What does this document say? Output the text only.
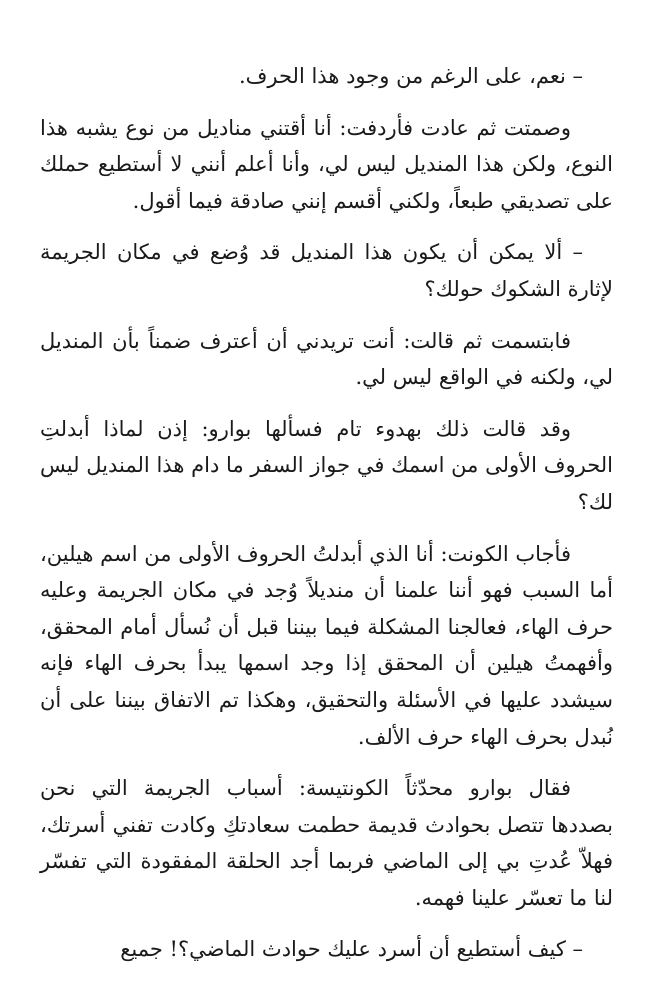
– نعم، على الرغم من وجود هذا الحرف.

وصمتت ثم عادت فأردفت: أنا أقتني مناديل من نوع يشبه هذا النوع، ولكن هذا المنديل ليس لي، وأنا أعلم أنني لا أستطيع حملك على تصديقي طبعاً، ولكني أقسم إنني صادقة فيما أقول.

– ألا يمكن أن يكون هذا المنديل قد وُضع في مكان الجريمة لإثارة الشكوك حولك؟

فابتسمت ثم قالت: أنت تريدني أن أعترف ضمناً بأن المنديل لي، ولكنه في الواقع ليس لي.

وقد قالت ذلك بهدوء تام فسألها بوارو: إذن لماذا أبدلتِ الحروف الأولى من اسمك في جواز السفر ما دام هذا المنديل ليس لك؟

فأجاب الكونت: أنا الذي أبدلتُ الحروف الأولى من اسم هيلين، أما السبب فهو أننا علمنا أن منديلاً وُجد في مكان الجريمة وعليه حرف الهاء، فعالجنا المشكلة فيما بيننا قبل أن نُسأل أمام المحقق، وأفهمتُ هيلين أن المحقق إذا وجد اسمها يبدأ بحرف الهاء فإنه سيشدد عليها في الأسئلة والتحقيق، وهكذا تم الاتفاق بيننا على أن نُبدل بحرف الهاء حرف الألف.

فقال بوارو محدّثاً الكونتيسة: أسباب الجريمة التي نحن بصددها تتصل بحوادث قديمة حطمت سعادتكِ وكادت تفني أسرتك، فهلاّ عُدتِ بي إلى الماضي فربما أجد الحلقة المفقودة التي تفسّر لنا ما تعسّر علينا فهمه.

– كيف أستطيع أن أسرد عليك حوادث الماضي؟! جميع
